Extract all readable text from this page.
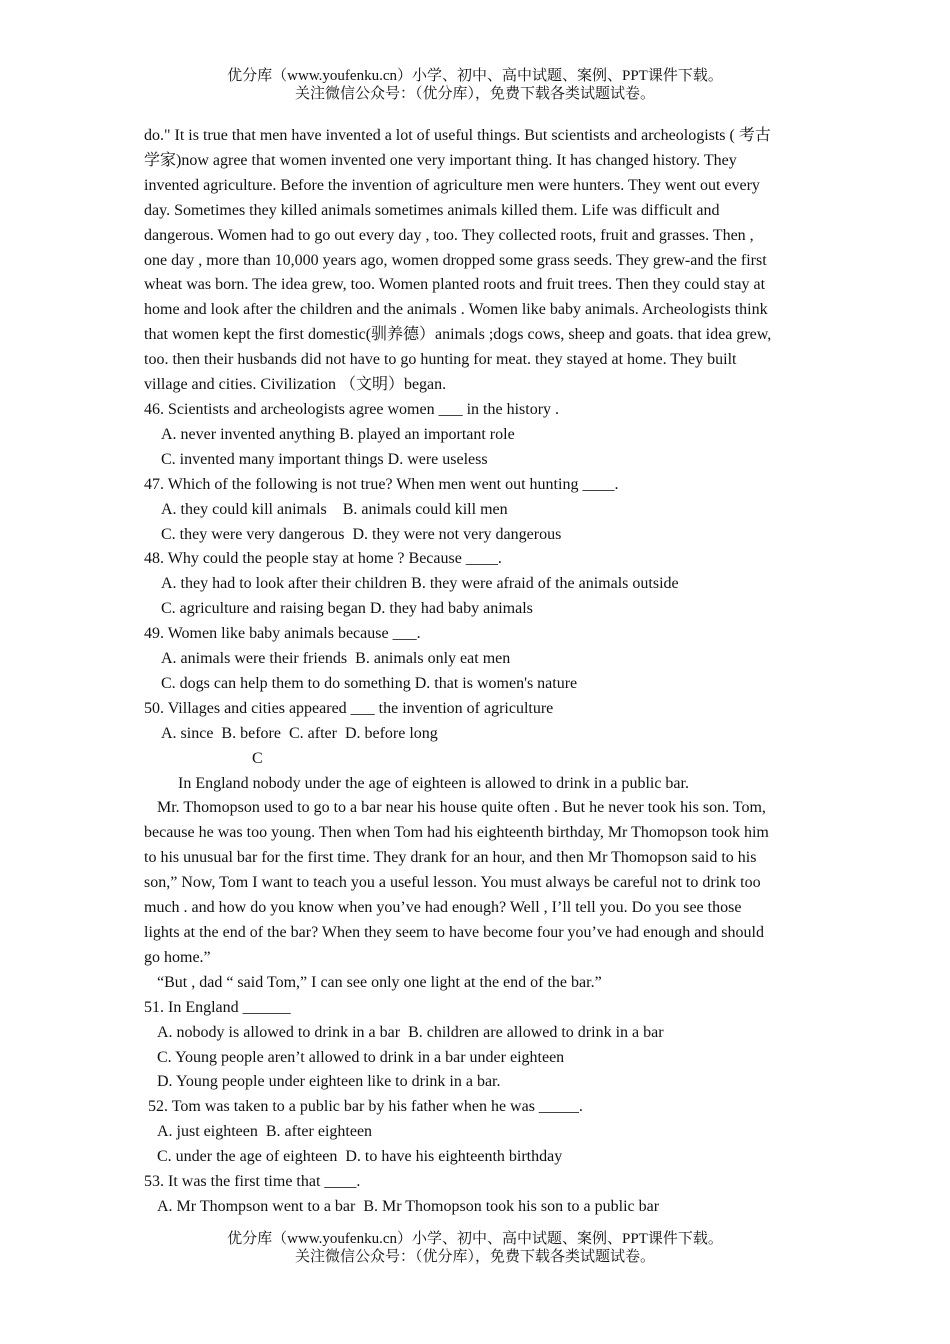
优分库（www.youfenku.cn）小学、初中、高中试题、案例、PPT课件下载。
关注微信公众号：（优分库），免费下载各类试题试卷。
do." It is true that men have invented a lot of useful things. But scientists and archeologists ( 考古
学家)now agree that women invented one very important thing. It has changed history. They
invented agriculture. Before the invention of agriculture men were hunters. They went out every
day. Sometimes they killed animals sometimes animals killed them. Life was difficult and
dangerous. Women had to go out every day , too. They collected roots, fruit and grasses. Then ,
one day , more than 10,000 years ago, women dropped some grass seeds. They grew-and the first
wheat was born. The idea grew, too. Women planted roots and fruit trees. Then they could stay at
home and look after the children and the animals . Women like baby animals. Archeologists think
that women kept the first domestic(驯养德）animals ;dogs cows, sheep and goats. that idea grew,
too. then their husbands did not have to go hunting for meat. they stayed at home. They built
village and cities. Civilization （文明）began.
46. Scientists and archeologists agree women ___ in the history .
A. never invented anything B. played an important role
C. invented many important things D. were useless
47. Which of the following is not true? When men went out hunting ____.
A. they could kill animals    B. animals could kill men
C. they were very dangerous  D. they were not very dangerous
48. Why could the people stay at home ? Because ____.
A. they had to look after their children B. they were afraid of the animals outside
C. agriculture and raising began D. they had baby animals
49. Women like baby animals because ___.
A. animals were their friends  B. animals only eat men
C. dogs can help them to do something D. that is women's nature
50. Villages and cities appeared ___ the invention of agriculture
A. since  B. before  C. after  D. before long
C
In England nobody under the age of eighteen is allowed to drink in a public bar.
Mr. Thomopson used to go to a bar near his house quite often . But he never took his son. Tom,
because he was too young. Then when Tom had his eighteenth birthday, Mr Thomopson took him
to his unusual bar for the first time. They drank for an hour, and then Mr Thomopson said to his
son,” Now, Tom I want to teach you a useful lesson. You must always be careful not to drink too
much . and how do you know when you’ve had enough? Well , I’ll tell you. Do you see those
lights at the end of the bar? When they seem to have become four you’ve had enough and should
go home.”
“But , dad “ said Tom,” I can see only one light at the end of the bar.”
51. In England ______
A. nobody is allowed to drink in a bar  B. children are allowed to drink in a bar
C. Young people aren’t allowed to drink in a bar under eighteen
D. Young people under eighteen like to drink in a bar.
52. Tom was taken to a public bar by his father when he was _____.
A. just eighteen  B. after eighteen
C. under the age of eighteen  D. to have his eighteenth birthday
53. It was the first time that ____.
A. Mr Thompson went to a bar  B. Mr Thomopson took his son to a public bar
优分库（www.youfenku.cn）小学、初中、高中试题、案例、PPT课件下载。
关注微信公众号：（优分库），免费下载各类试题试卷。
